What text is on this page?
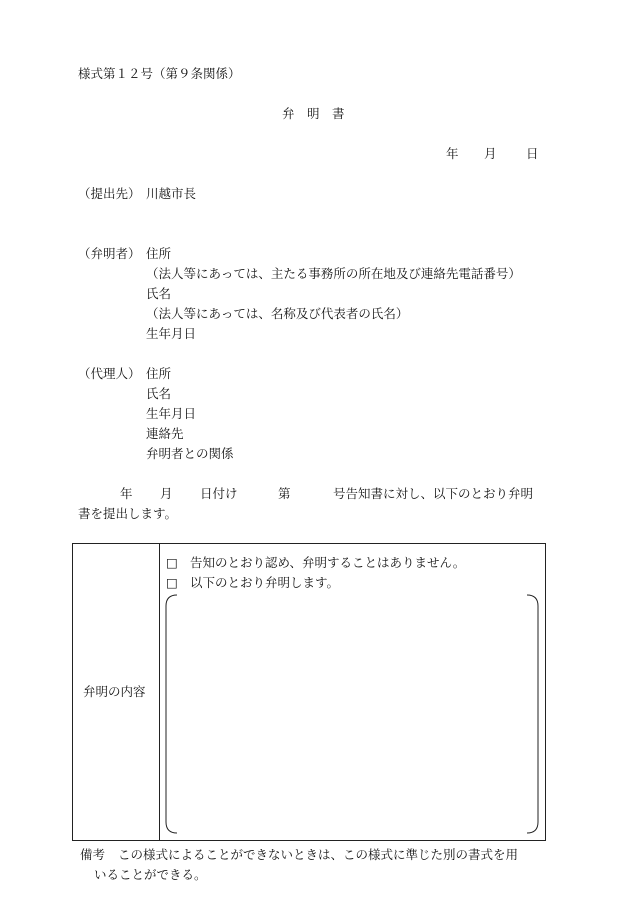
様式第１２号（第９条関係）
弁　明　書
年 月 日
（提出先） 川越市長
（弁明者） 住所
（法人等にあっては、主たる事務所の所在地及び連絡先電話番号）
氏名
（法人等にあっては、名称及び代表者の氏名）
生年月日
（代理人） 住所
氏名
生年月日
連絡先
弁明者との関係
年 月 日付け	第	号告知書に対し、以下のとおり弁明
書を提出します。
弁明の内容
□ 告知のとおり認め、弁明することはありません。
□ 以下のとおり弁明します。
備考 この様式によることができないときは、この様式に準じた別の書式を用
いることができる。
